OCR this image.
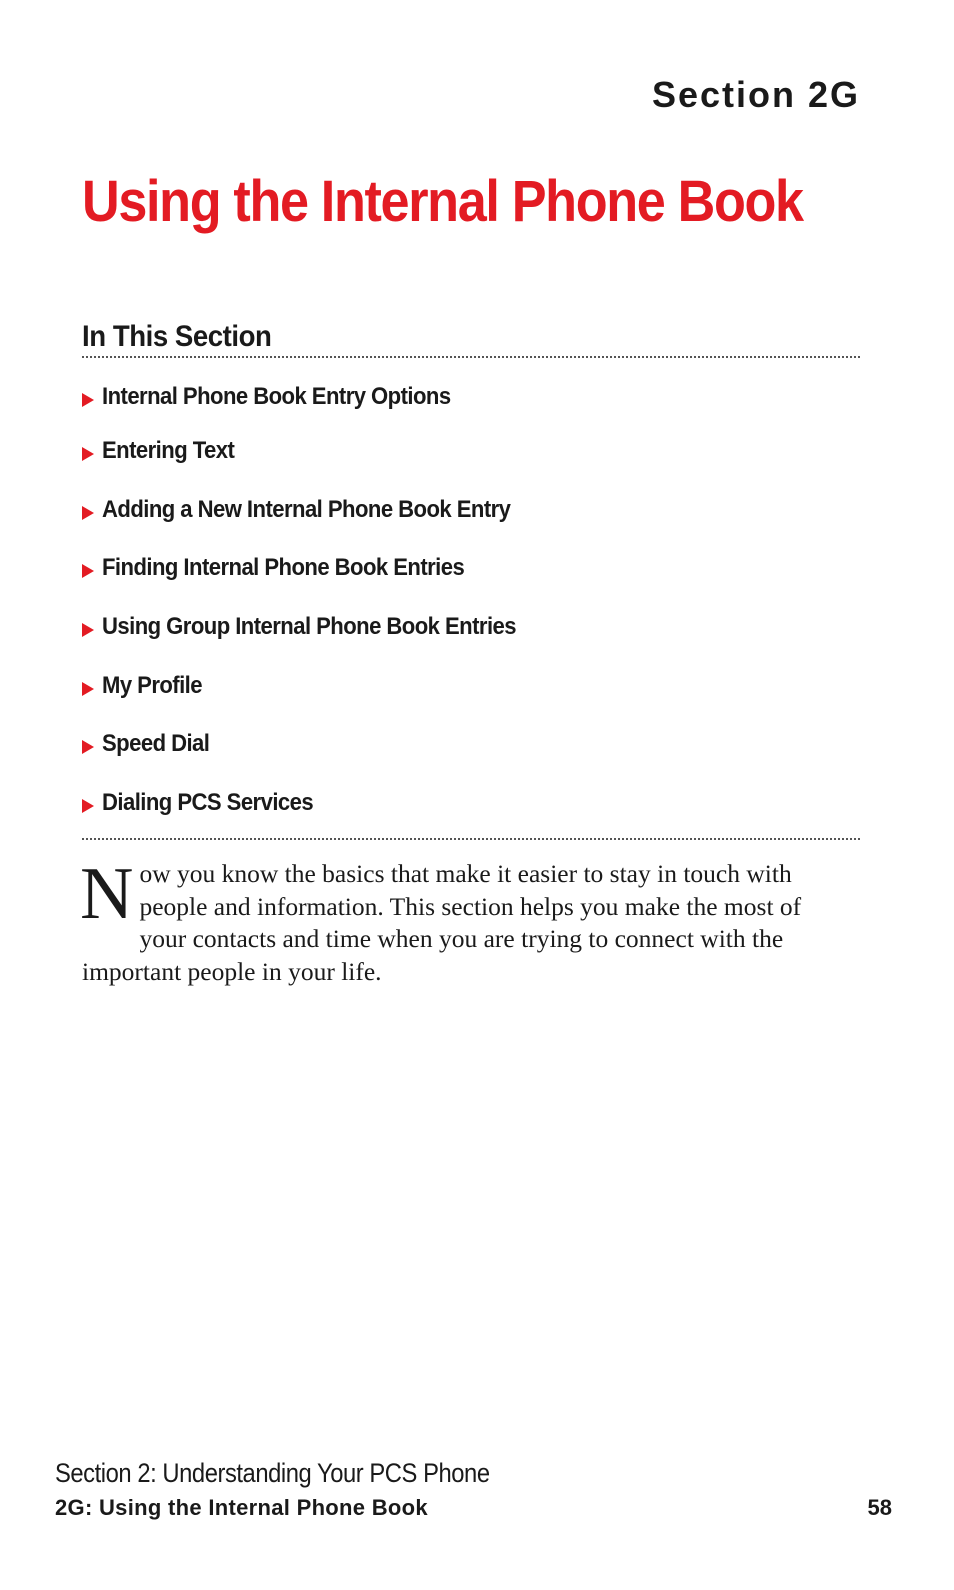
Section 2G
Using the Internal Phone Book
In This Section
Internal Phone Book Entry Options
Entering Text
Adding a New Internal Phone Book Entry
Finding Internal Phone Book Entries
Using Group Internal Phone Book Entries
My Profile
Speed Dial
Dialing PCS Services

Now you know the basics that make it easier to stay in touch with people and information. This section helps you make the most of your contacts and time when you are trying to connect with the important people in your life.

Section 2: Understanding Your PCS Phone
2G: Using the Internal Phone Book	58
